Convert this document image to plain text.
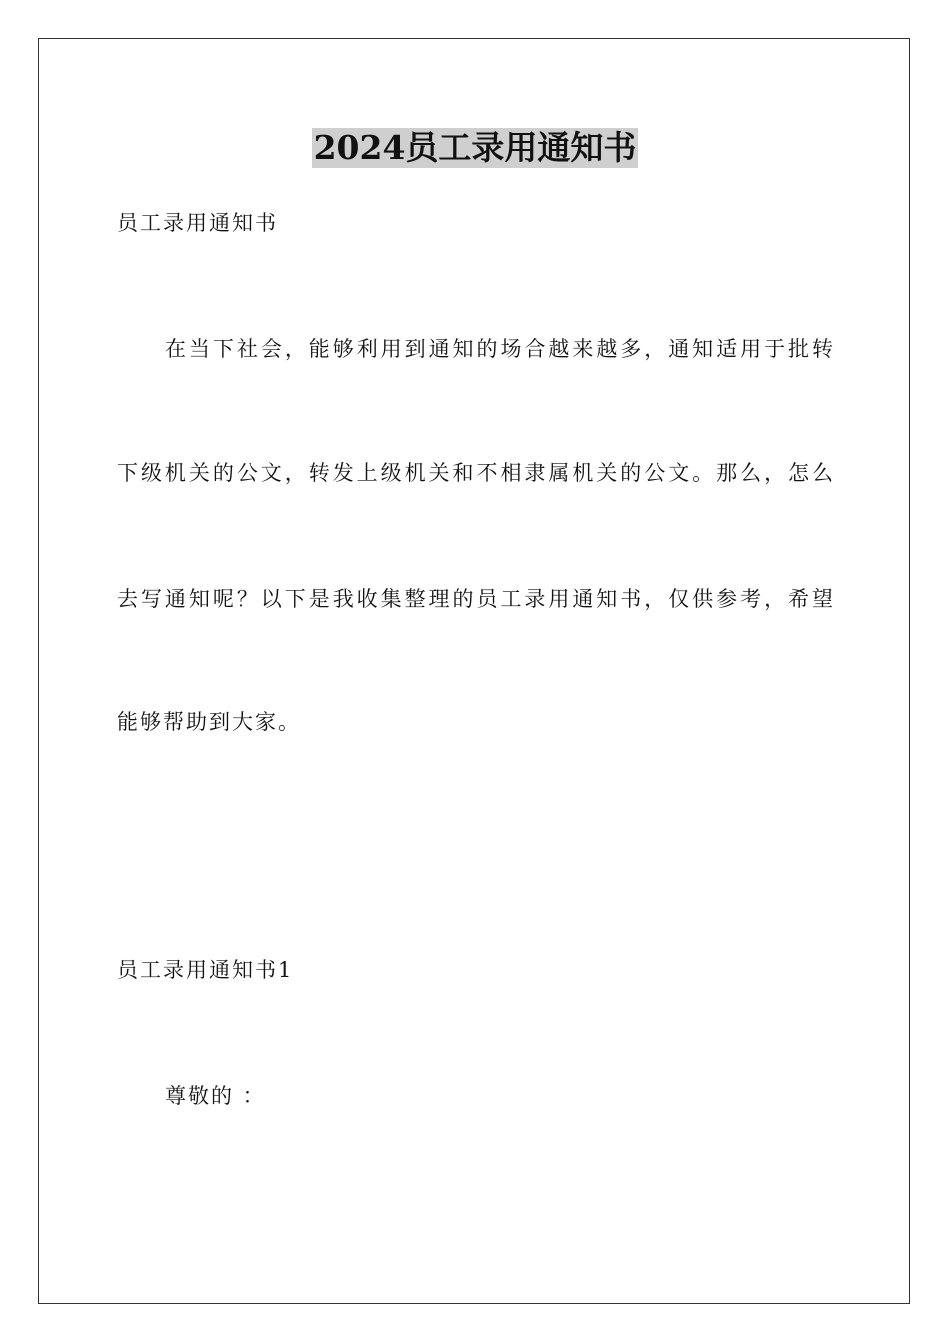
2024员工录用通知书
员工录用通知书
在当下社会，能够利用到通知的场合越来越多，通知适用于批转
下级机关的公文，转发上级机关和不相隶属机关的公文。那么，怎么
去写通知呢？以下是我收集整理的员工录用通知书，仅供参考，希望
能够帮助到大家。
员工录用通知书1
尊敬的 ：
